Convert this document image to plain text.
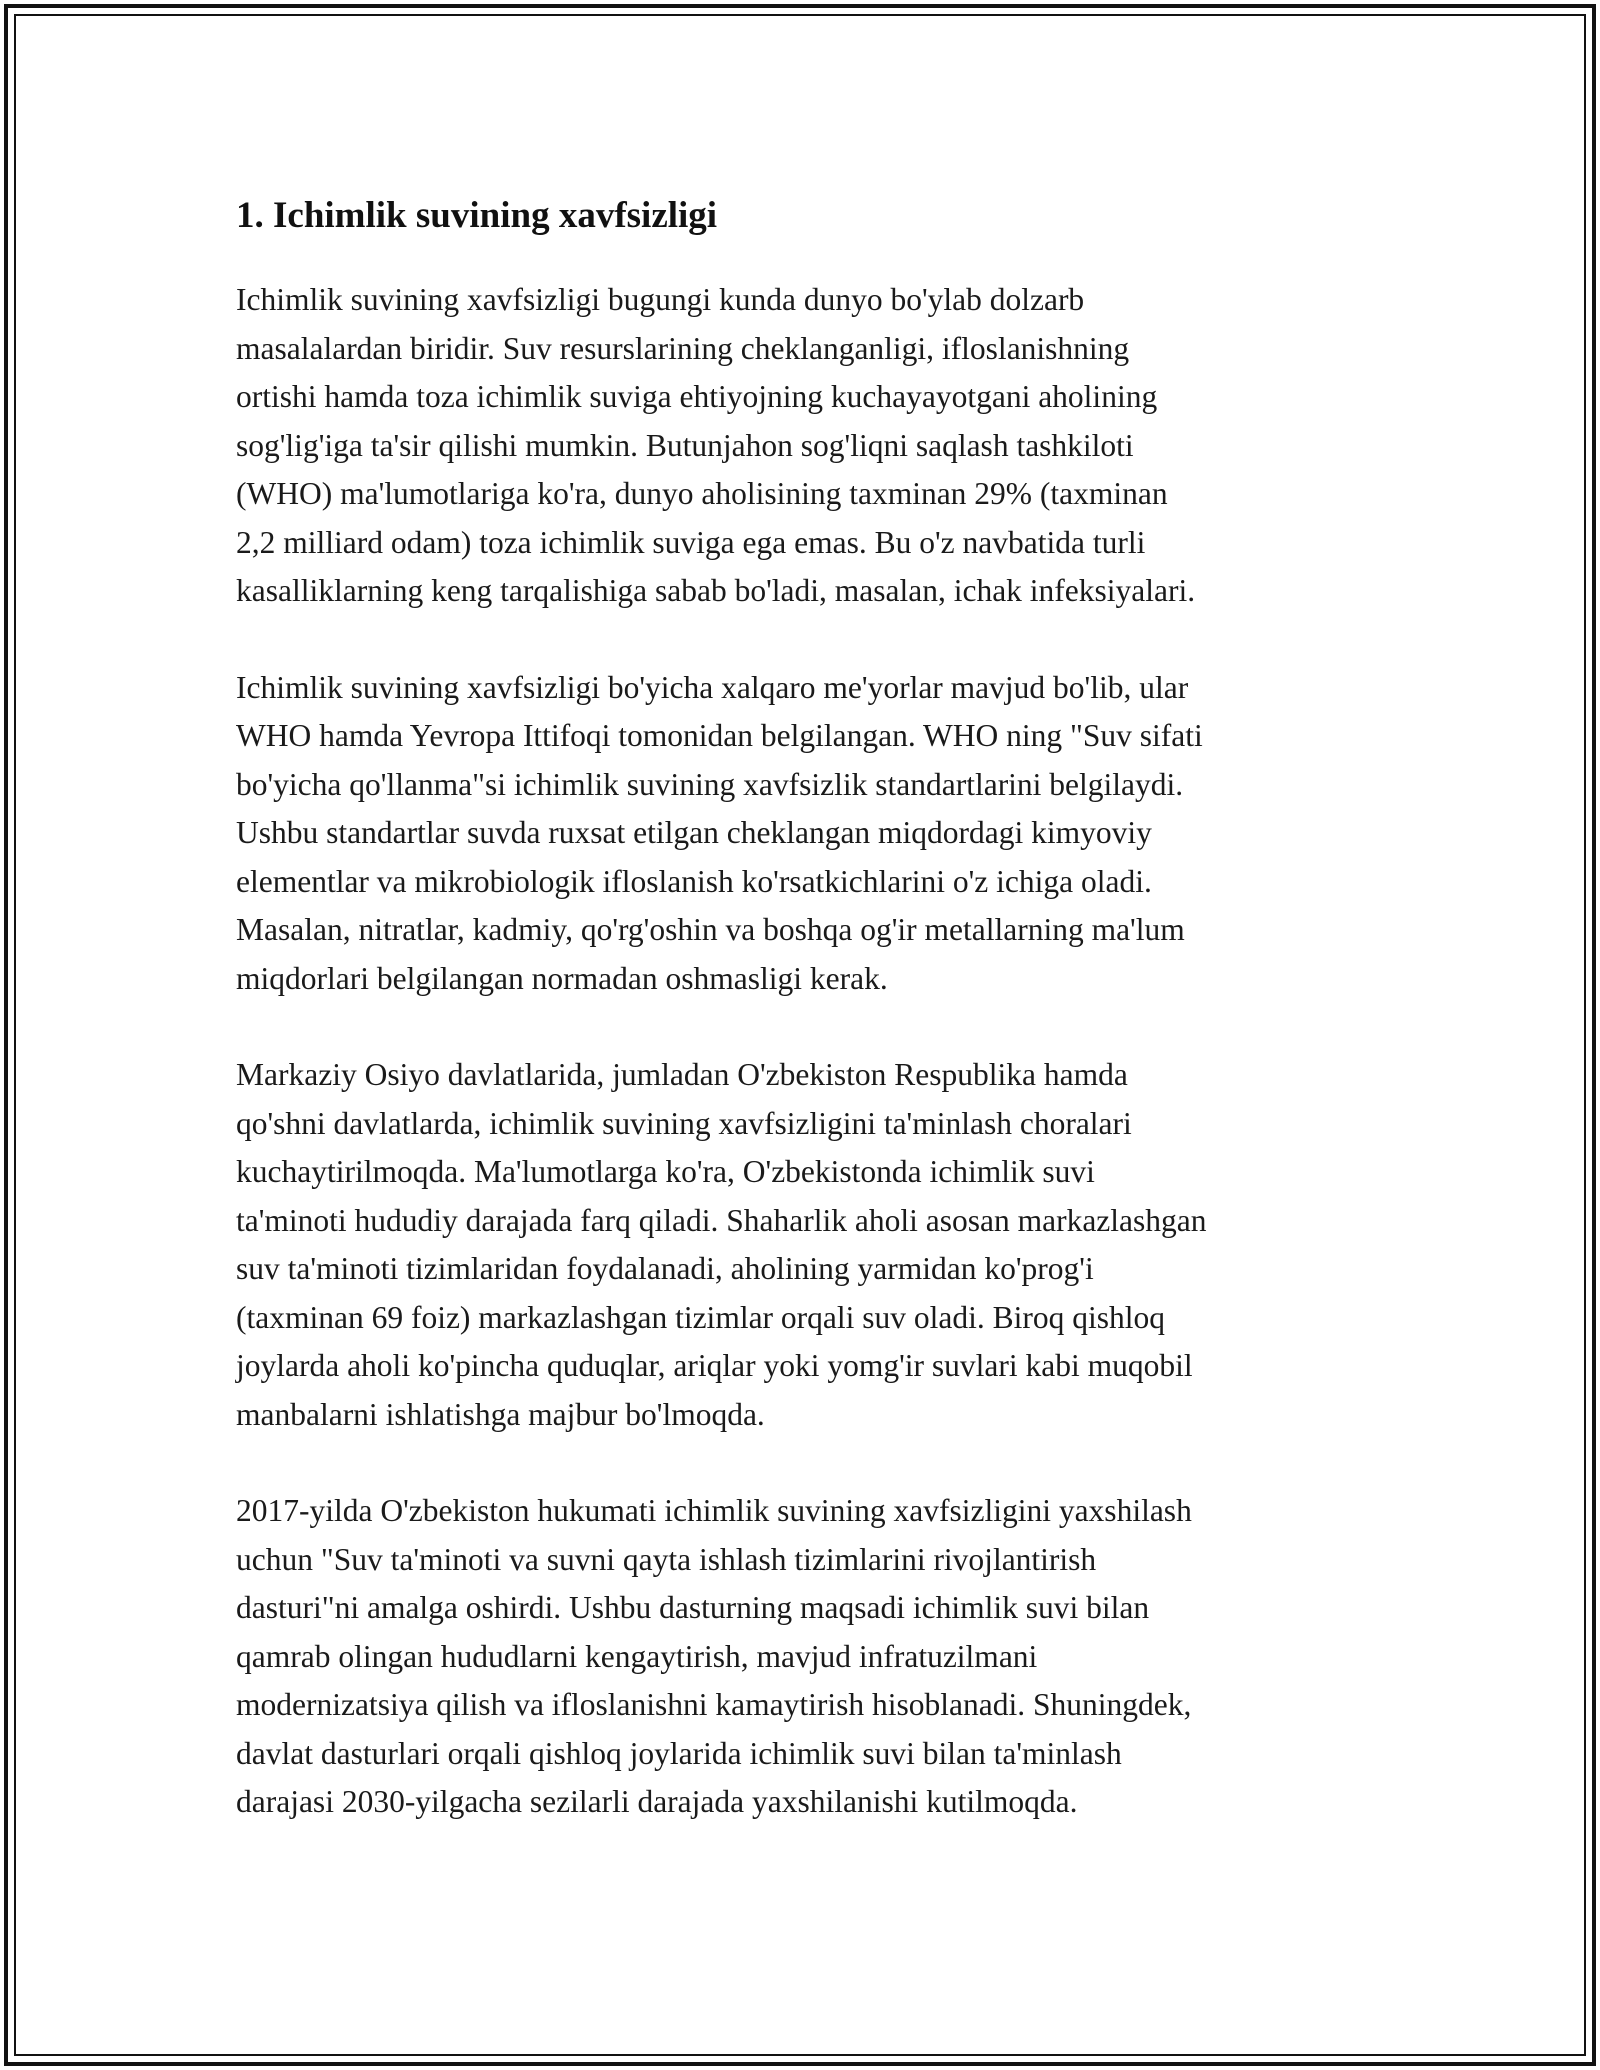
1. Ichimlik suvining xavfsizligi

Ichimlik suvining xavfsizligi bugungi kunda dunyo bo'ylab dolzarb
masalalardan biridir. Suv resurslarining cheklanganligi, ifloslanishning
ortishi hamda toza ichimlik suviga ehtiyojning kuchayayotgani aholining
sog'lig'iga ta'sir qilishi mumkin. Butunjahon sog'liqni saqlash tashkiloti
(WHO) ma'lumotlariga ko'ra, dunyo aholisining taxminan 29% (taxminan
2,2 milliard odam) toza ichimlik suviga ega emas. Bu o'z navbatida turli
kasalliklarning keng tarqalishiga sabab bo'ladi, masalan, ichak infeksiyalari.

Ichimlik suvining xavfsizligi bo'yicha xalqaro me'yorlar mavjud bo'lib, ular
WHO hamda Yevropa Ittifoqi tomonidan belgilangan. WHO ning "Suv sifati
bo'yicha qo'llanma"si ichimlik suvining xavfsizlik standartlarini belgilaydi.
Ushbu standartlar suvda ruxsat etilgan cheklangan miqdordagi kimyoviy
elementlar va mikrobiologik ifloslanish ko'rsatkichlarini o'z ichiga oladi.
Masalan, nitratlar, kadmiy, qo'rg'oshin va boshqa og'ir metallarning ma'lum
miqdorlari belgilangan normadan oshmasligi kerak.

Markaziy Osiyo davlatlarida, jumladan O'zbekiston Respublika hamda
qo'shni davlatlarda, ichimlik suvining xavfsizligini ta'minlash choralari
kuchaytirilmoqda. Ma'lumotlarga ko'ra, O'zbekistonda ichimlik suvi
ta'minoti hududiy darajada farq qiladi. Shaharlik aholi asosan markazlashgan
suv ta'minoti tizimlaridan foydalanadi, aholining yarmidan ko'prog'i
(taxminan 69 foiz) markazlashgan tizimlar orqali suv oladi. Biroq qishloq
joylarda aholi ko'pincha quduqlar, ariqlar yoki yomg'ir suvlari kabi muqobil
manbalarni ishlatishga majbur bo'lmoqda.

2017-yilda O'zbekiston hukumati ichimlik suvining xavfsizligini yaxshilash
uchun "Suv ta'minoti va suvni qayta ishlash tizimlarini rivojlantirish
dasturi"ni amalga oshirdi. Ushbu dasturning maqsadi ichimlik suvi bilan
qamrab olingan hududlarni kengaytirish, mavjud infratuzilmani
modernizatsiya qilish va ifloslanishni kamaytirish hisoblanadi. Shuningdek,
davlat dasturlari orqali qishloq joylarida ichimlik suvi bilan ta'minlash
darajasi 2030-yilgacha sezilarli darajada yaxshilanishi kutilmoqda.
